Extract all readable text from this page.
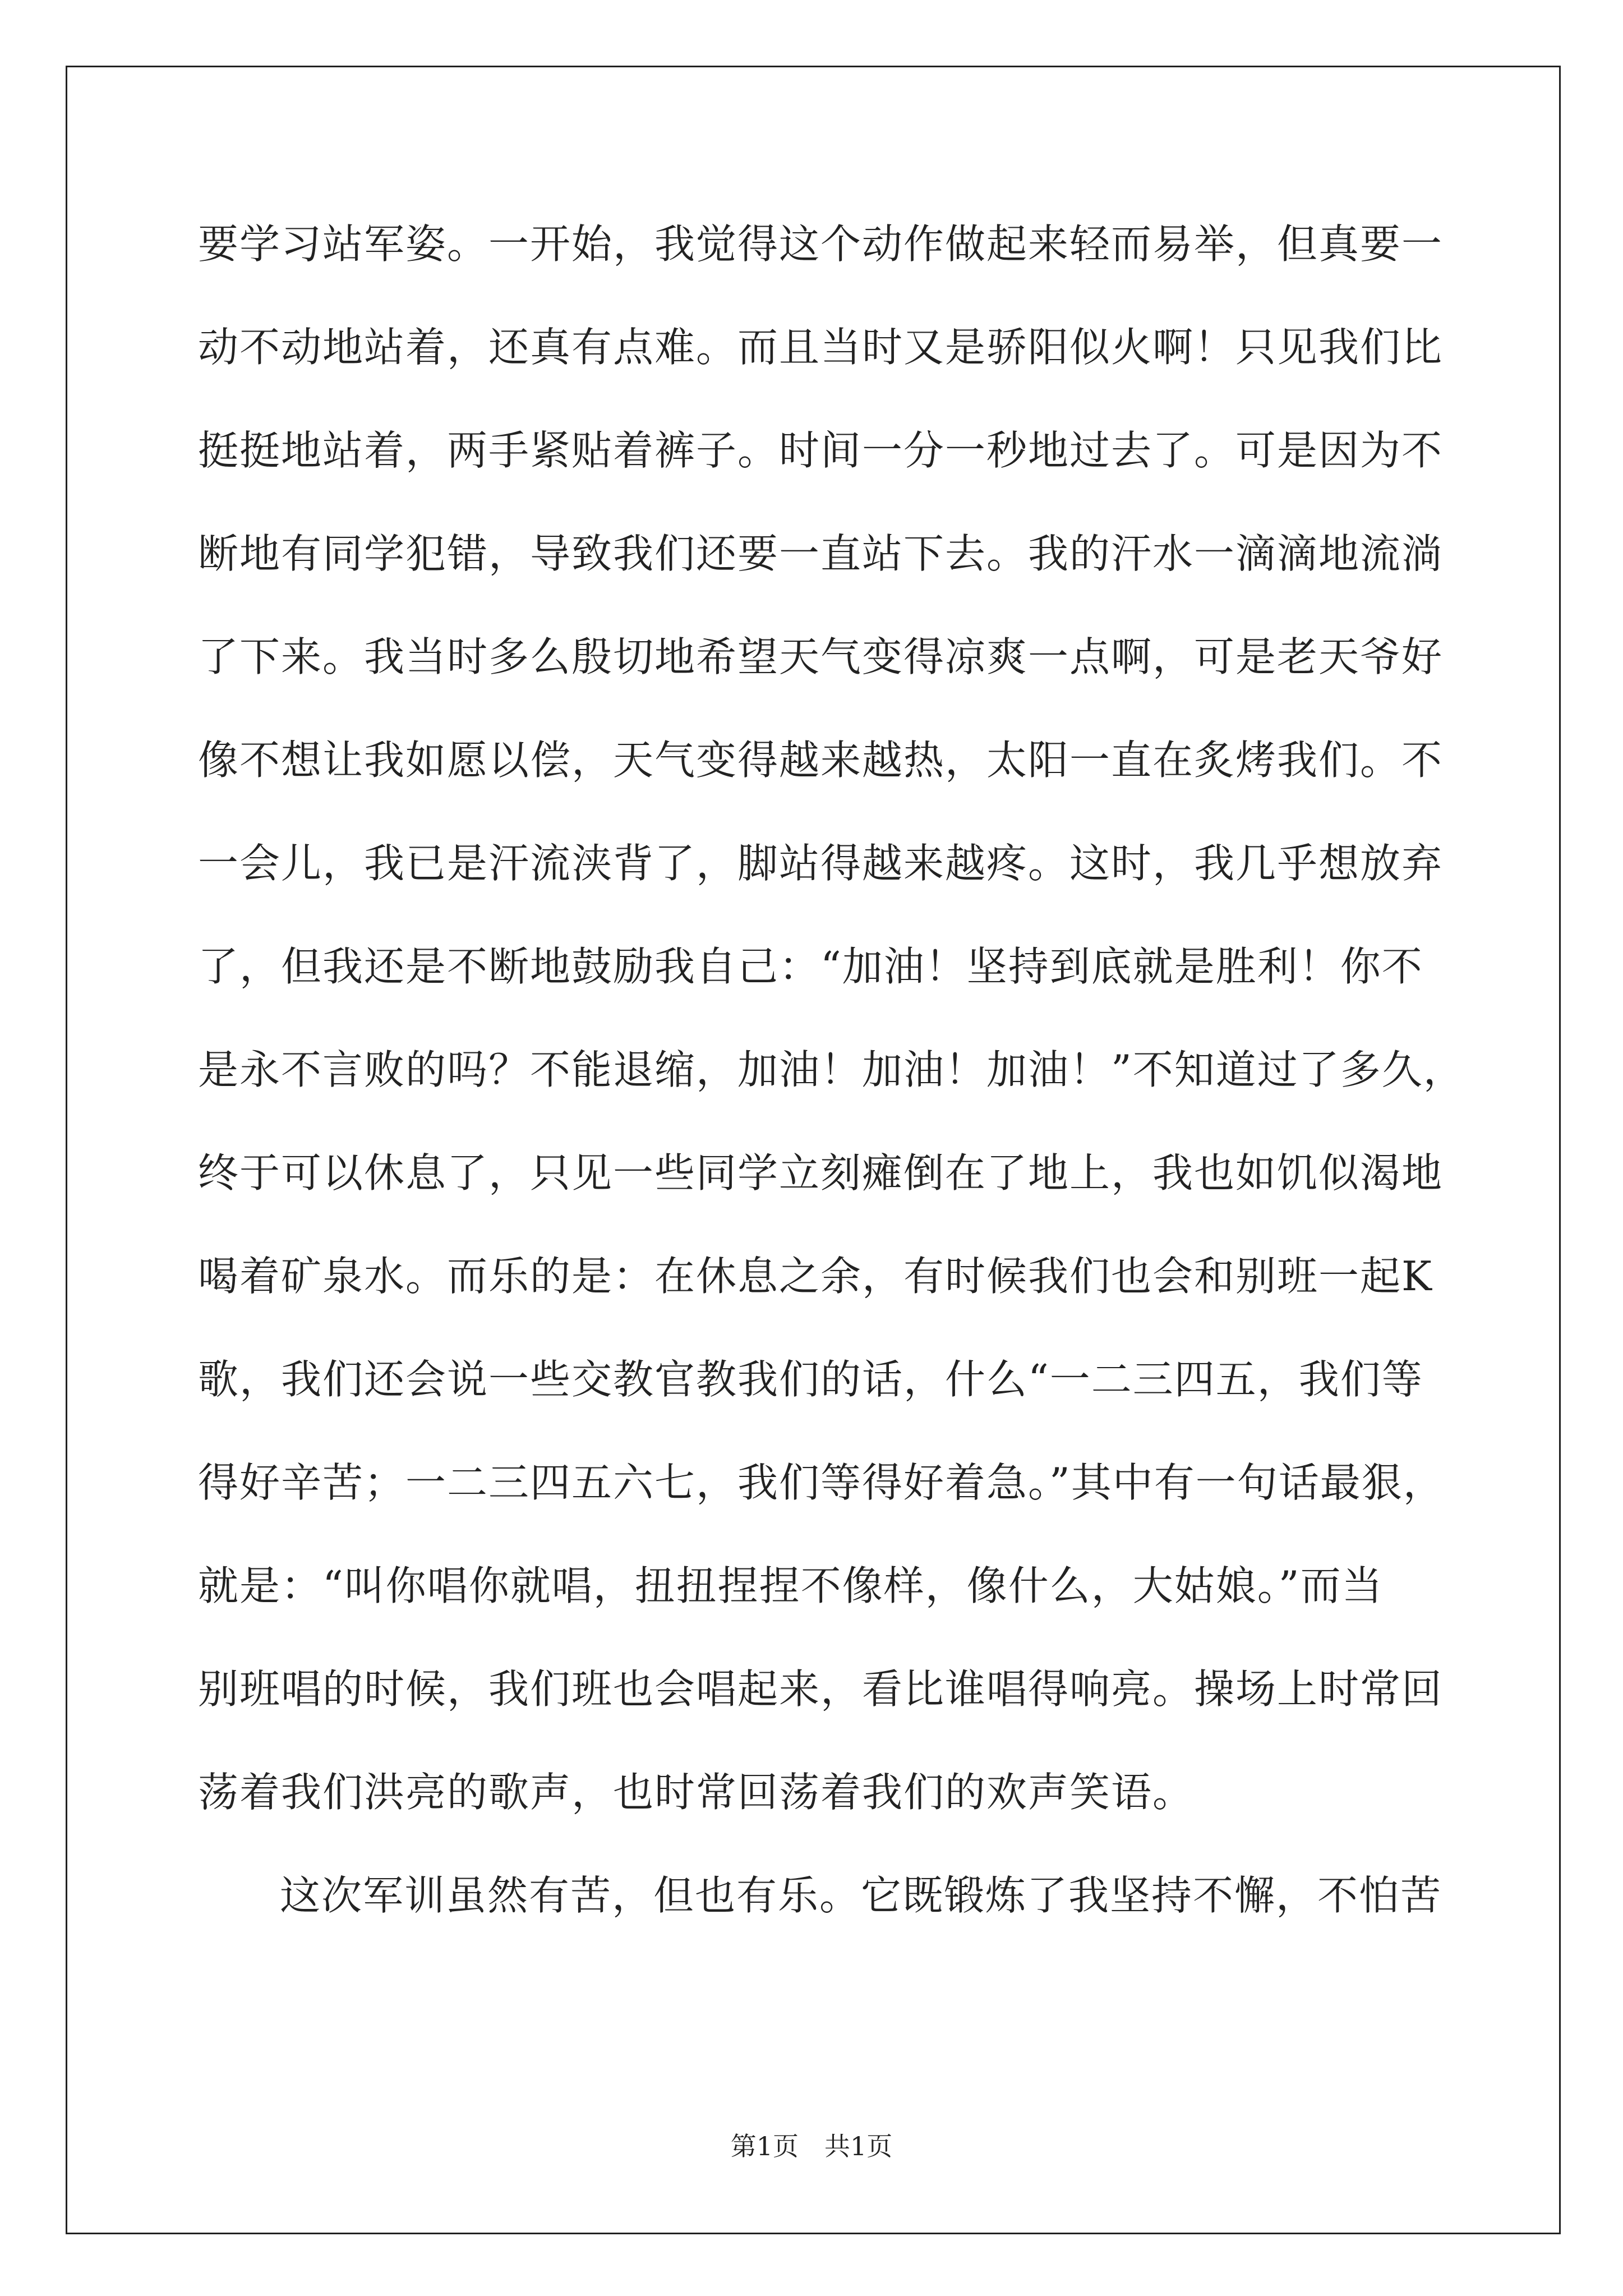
要学习站军姿。一开始，我觉得这个动作做起来轻而易举，但真要一
动不动地站着，还真有点难。而且当时又是骄阳似火啊！只见我们比
挺挺地站着，两手紧贴着裤子。时间一分一秒地过去了。可是因为不
断地有同学犯错，导致我们还要一直站下去。我的汗水一滴滴地流淌
了下来。我当时多么殷切地希望天气变得凉爽一点啊，可是老天爷好
像不想让我如愿以偿，天气变得越来越热，太阳一直在炙烤我们。不
一会儿，我已是汗流浃背了，脚站得越来越疼。这时，我几乎想放弃
了，但我还是不断地鼓励我自己：“加油！坚持到底就是胜利！你不
是永不言败的吗？不能退缩，加油！加油！加油！”不知道过了多久，
终于可以休息了，只见一些同学立刻瘫倒在了地上，我也如饥似渴地
喝着矿泉水。而乐的是：在休息之余，有时候我们也会和别班一起K
歌，我们还会说一些交教官教我们的话，什么“一二三四五，我们等
得好辛苦；一二三四五六七，我们等得好着急。”其中有一句话最狠，
就是：“叫你唱你就唱，扭扭捏捏不像样，像什么，大姑娘。”而当
别班唱的时候，我们班也会唱起来，看比谁唱得响亮。操场上时常回
荡着我们洪亮的歌声，也时常回荡着我们的欢声笑语。
这次军训虽然有苦，但也有乐。它既锻炼了我坚持不懈，不怕苦
第1页　共1页
